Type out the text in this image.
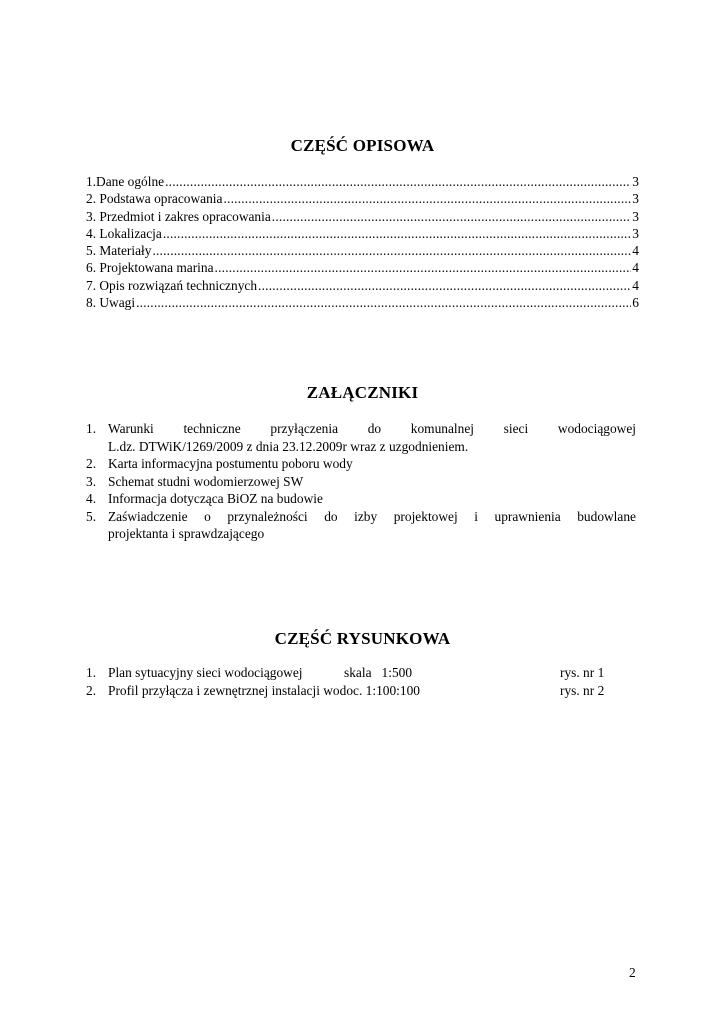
CZĘŚĆ OPISOWA
1.Dane ogólne .....	3
2. Podstawa opracowania .....	3
3. Przedmiot i zakres opracowania .....	3
4. Lokalizacja .....	3
5. Materiały .....	4
6. Projektowana marina .....	4
7. Opis rozwiązań technicznych .....	4
8. Uwagi .....	6
ZAŁĄCZNIKI
1. Warunki techniczne przyłączenia do komunalnej sieci wodociągowej
L.dz. DTWiK/1269/2009 z dnia 23.12.2009r wraz z uzgodnieniem.
2. Karta informacyjna postumentu poboru wody
3. Schemat studni wodomierzowej SW
4. Informacja dotycząca BiOZ na budowie
5. Zaświadczenie o przynależności do izby projektowej i uprawnienia budowlane
projektanta i sprawdzającego
CZĘŚĆ RYSUNKOWA
1. Plan sytuacyjny sieci wodociągowej	skala   1:500	rys. nr 1
2. Profil przyłącza i zewnętrznej instalacji wodoc. 1:100:100	rys. nr 2
2
